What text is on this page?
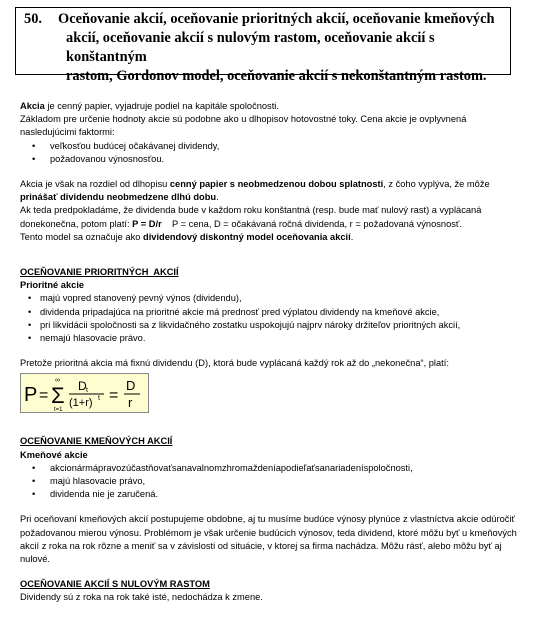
50. Oceňovanie akcií, oceňovanie prioritných akcií, oceňovanie kmeňových
akcií, oceňovanie akcií s nulovým rastom, oceňovanie akcií s konštantným
rastom, Gordonov model, oceňovanie akcií s nekonštantným rastom.

Akcia je cenný papier, vyjadruje podiel na kapitále spoločnosti.

Základom pre určenie hodnoty akcie sú podobne ako u dlhopisov hotovostné toky. Cena akcie je ovplyvnená nasledujúcimi faktormi:

• veľkosťou budúcej očakávanej dividendy,
• požadovanou výnosnosťou.

Akcia je však na rozdiel od dlhopisu cenný papier s neobmedzenou dobou splatnosti, z čoho vyplýva, že môže prinášať dividendu neobmedzene dlhú dobu.
Ak teda predpokladáme, že dividenda bude v každom roku konštantná (resp. bude mať nulový rast) a vyplácaná donekonečna, potom platí: P = D/r    P = cena, D = očakávaná ročná dividenda, r = požadovaná výnosnosť.
Tento model sa označuje ako dividendový diskontný model oceňovania akcií.

OCEŇOVANIE PRIORITNÝCH  AKCIÍ

Prioritné akcie

• majú vopred stanovený pevný výnos (dividendu),
• dividenda pripadajúca na prioritné akcie má prednosť pred výplatou dividendy na kmeňové akcie,
• pri likvidácii spoločnosti sa z likvidačného zostatku uspokojujú najprv nároky držiteľov prioritných akcií,
• nemajú hlasovacie právo.

Pretože prioritná akcia má fixnú dividendu (D), ktorá bude vyplácaná každý rok až do „nekonečna“, platí:

P =
∞
Σ
t=1
D t
(1+r) t =
D
r

OCEŇOVANIE KMEŇOVÝCH AKCIÍ

Kmeňové akcie

• akcionármápravozúčastňovaťsanavalnomzhromaždeníapodieľaťsanariadeníspoločnosti,
• majú hlasovacie právo,
• dividenda nie je zaručená.

Pri oceňovaní kmeňových akcií postupujeme obdobne, aj tu musíme budúce výnosy plynúce z vlastníctva akcie odúročiť požadovanou mierou výnosu. Problémom je však určenie budúcich výnosov, teda dividend, ktoré môžu byť u kmeňových akcií z roka na rok rôzne a meniť sa v závislosti od situácie, v ktorej sa firma nachádza. Môžu rásť, alebo môžu byť aj nulové.

OCEŇOVANIE AKCIÍ S NULOVÝM RASTOM

Dividendy sú z roka na rok také isté, nedochádza k zmene.
